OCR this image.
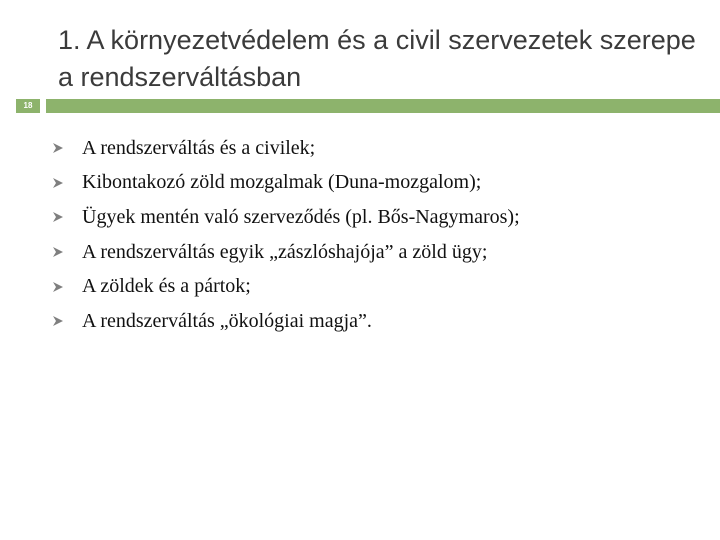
1. A környezetvédelem és a civil szervezetek szerepe a rendszerváltásban
18
A rendszerváltás és a civilek;
Kibontakozó zöld mozgalmak (Duna-mozgalom);
Ügyek mentén való szerveződés (pl. Bős-Nagymaros);
A rendszerváltás egyik „zászlóshajója” a zöld ügy;
A zöldek és a pártok;
A rendszerváltás „ökológiai magja”.
